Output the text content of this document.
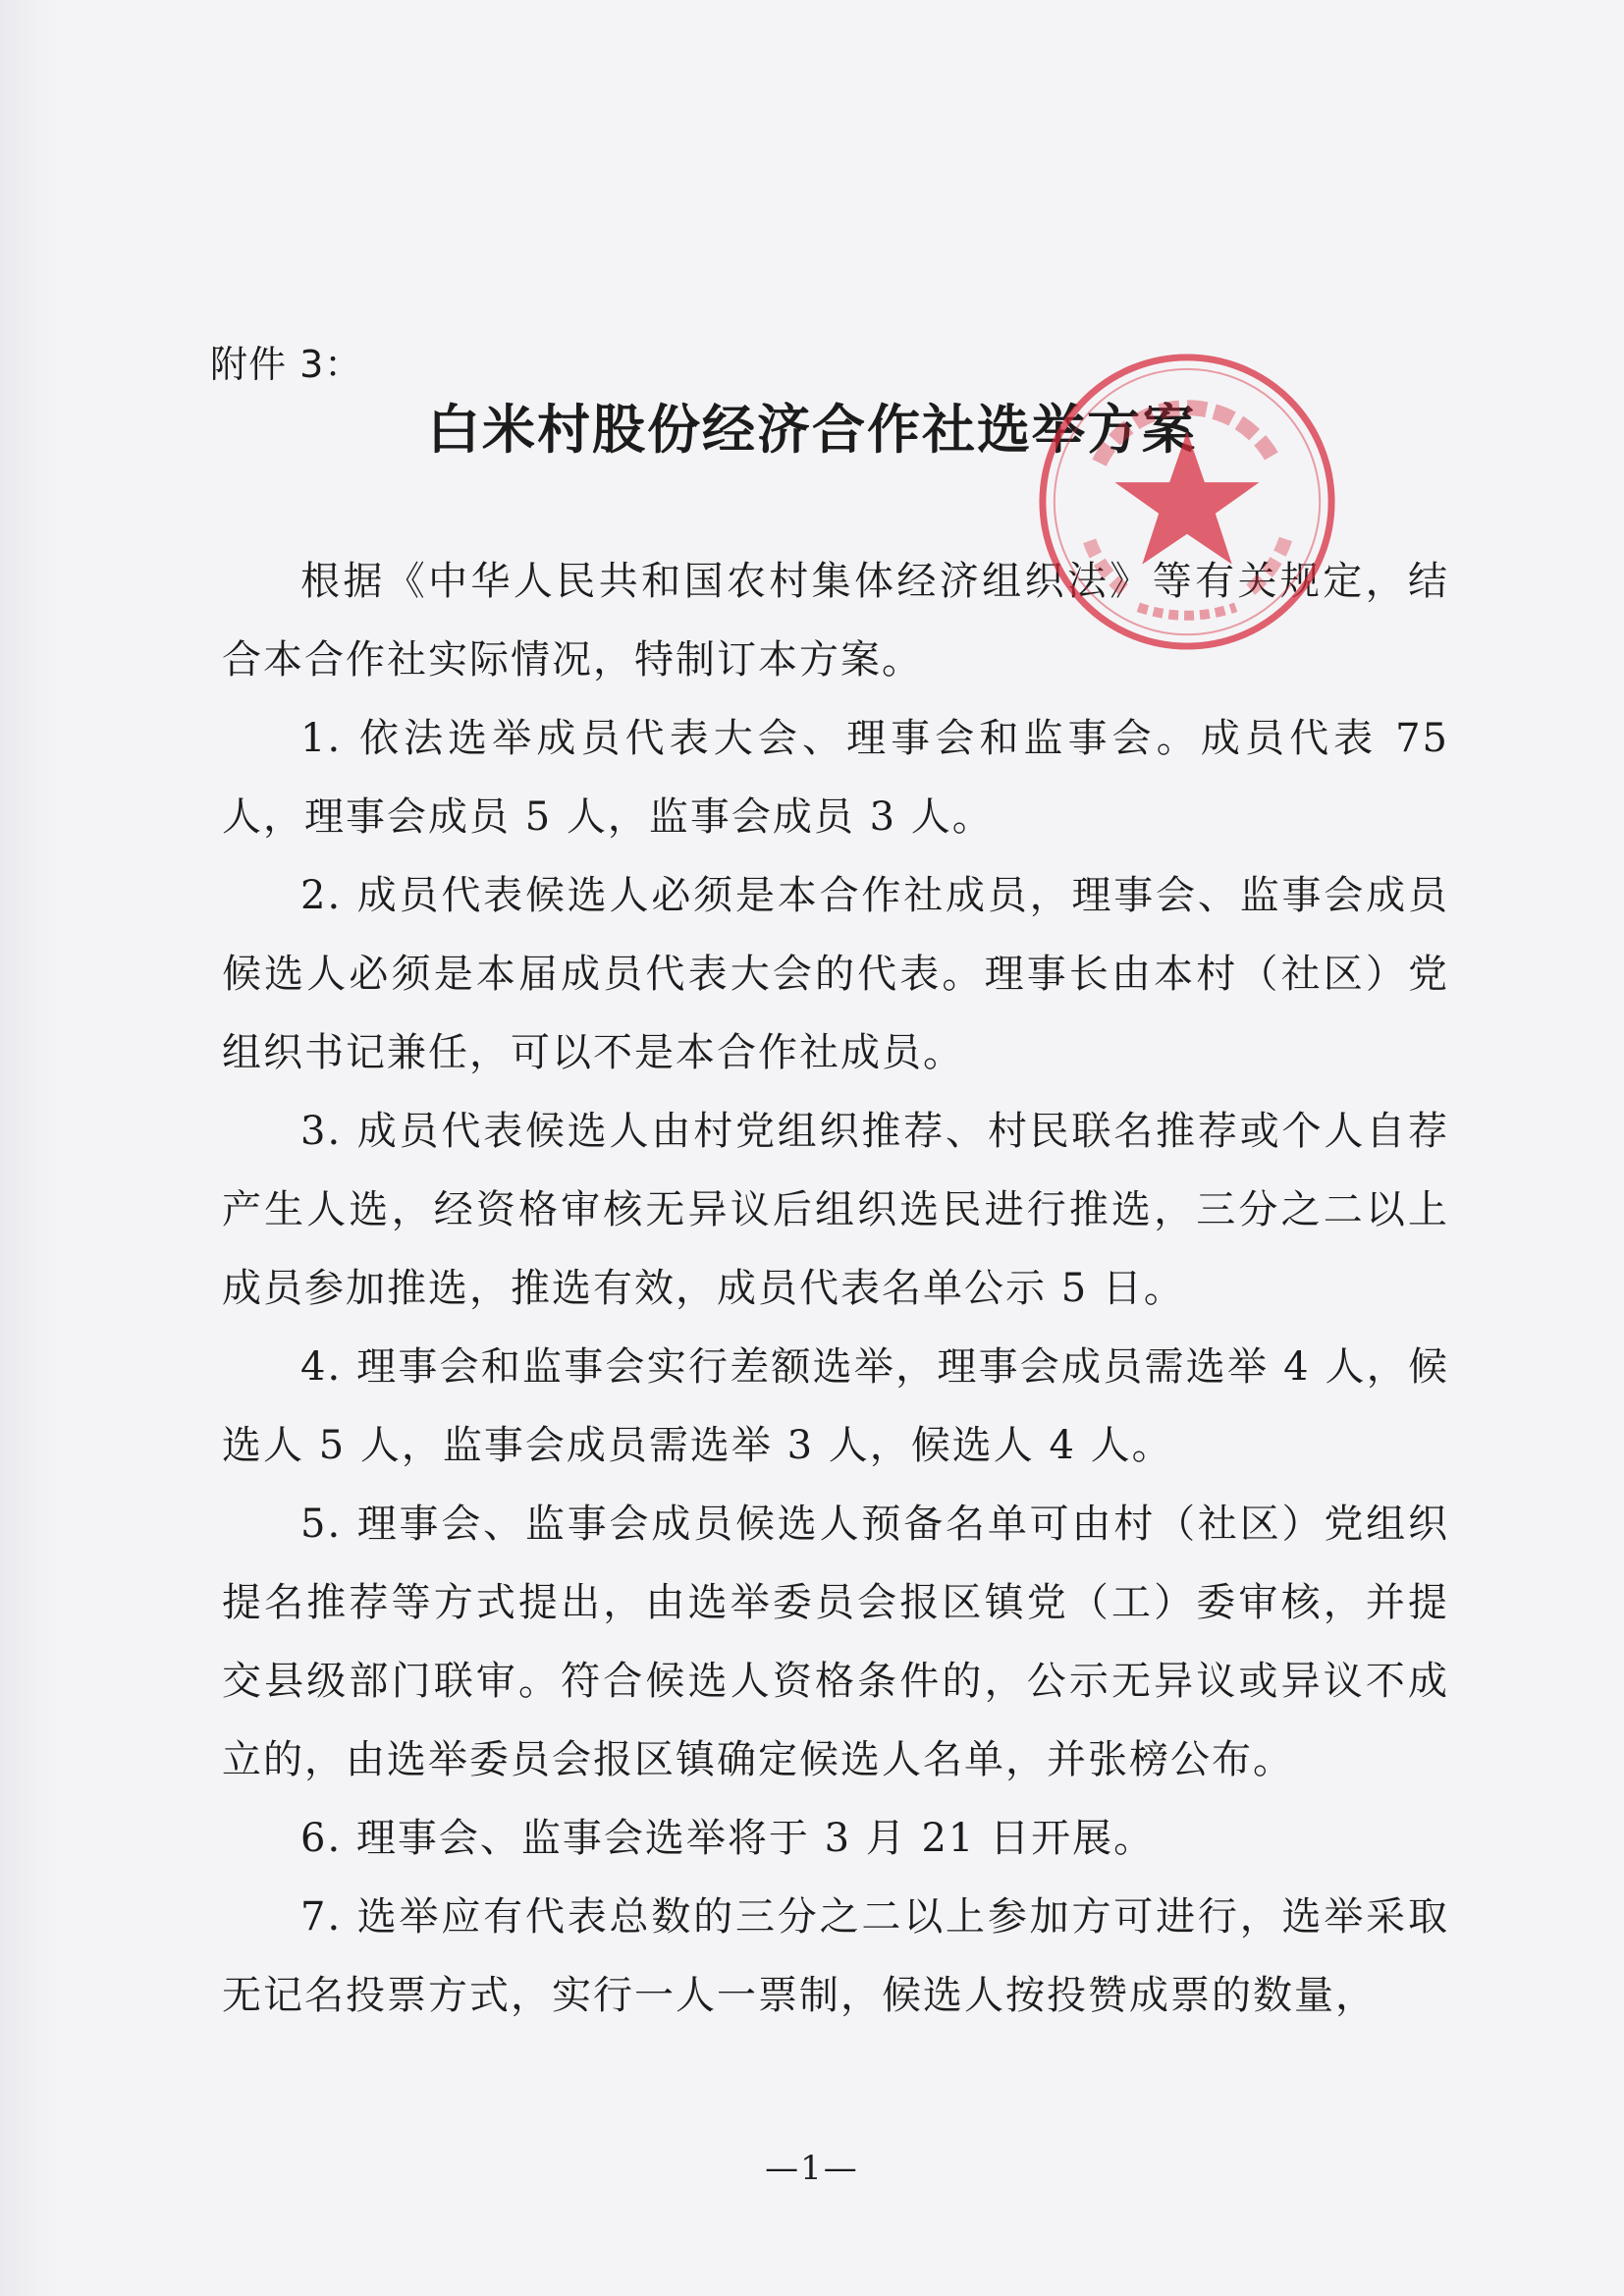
附件 3：
白米村股份经济合作社选举方案

根据《中华人民共和国农村集体经济组织法》等有关规定，结合本合作社实际情况，特制订本方案。

1. 依法选举成员代表大会、理事会和监事会。成员代表 75 人，理事会成员 5 人，监事会成员 3 人。

2. 成员代表候选人必须是本合作社成员，理事会、监事会成员候选人必须是本届成员代表大会的代表。理事长由本村（社区）党组织书记兼任，可以不是本合作社成员。

3. 成员代表候选人由村党组织推荐、村民联名推荐或个人自荐产生人选，经资格审核无异议后组织选民进行推选，三分之二以上成员参加推选，推选有效，成员代表名单公示 5 日。

4. 理事会和监事会实行差额选举，理事会成员需选举 4 人，候选人 5 人，监事会成员需选举 3 人，候选人 4 人。

5. 理事会、监事会成员候选人预备名单可由村（社区）党组织提名推荐等方式提出，由选举委员会报区镇党（工）委审核，并提交县级部门联审。符合候选人资格条件的，公示无异议或异议不成立的，由选举委员会报区镇确定候选人名单，并张榜公布。

6. 理事会、监事会选举将于 3 月 21 日开展。

7. 选举应有代表总数的三分之二以上参加方可进行，选举采取无记名投票方式，实行一人一票制，候选人按投赞成票的数量，

—1—
